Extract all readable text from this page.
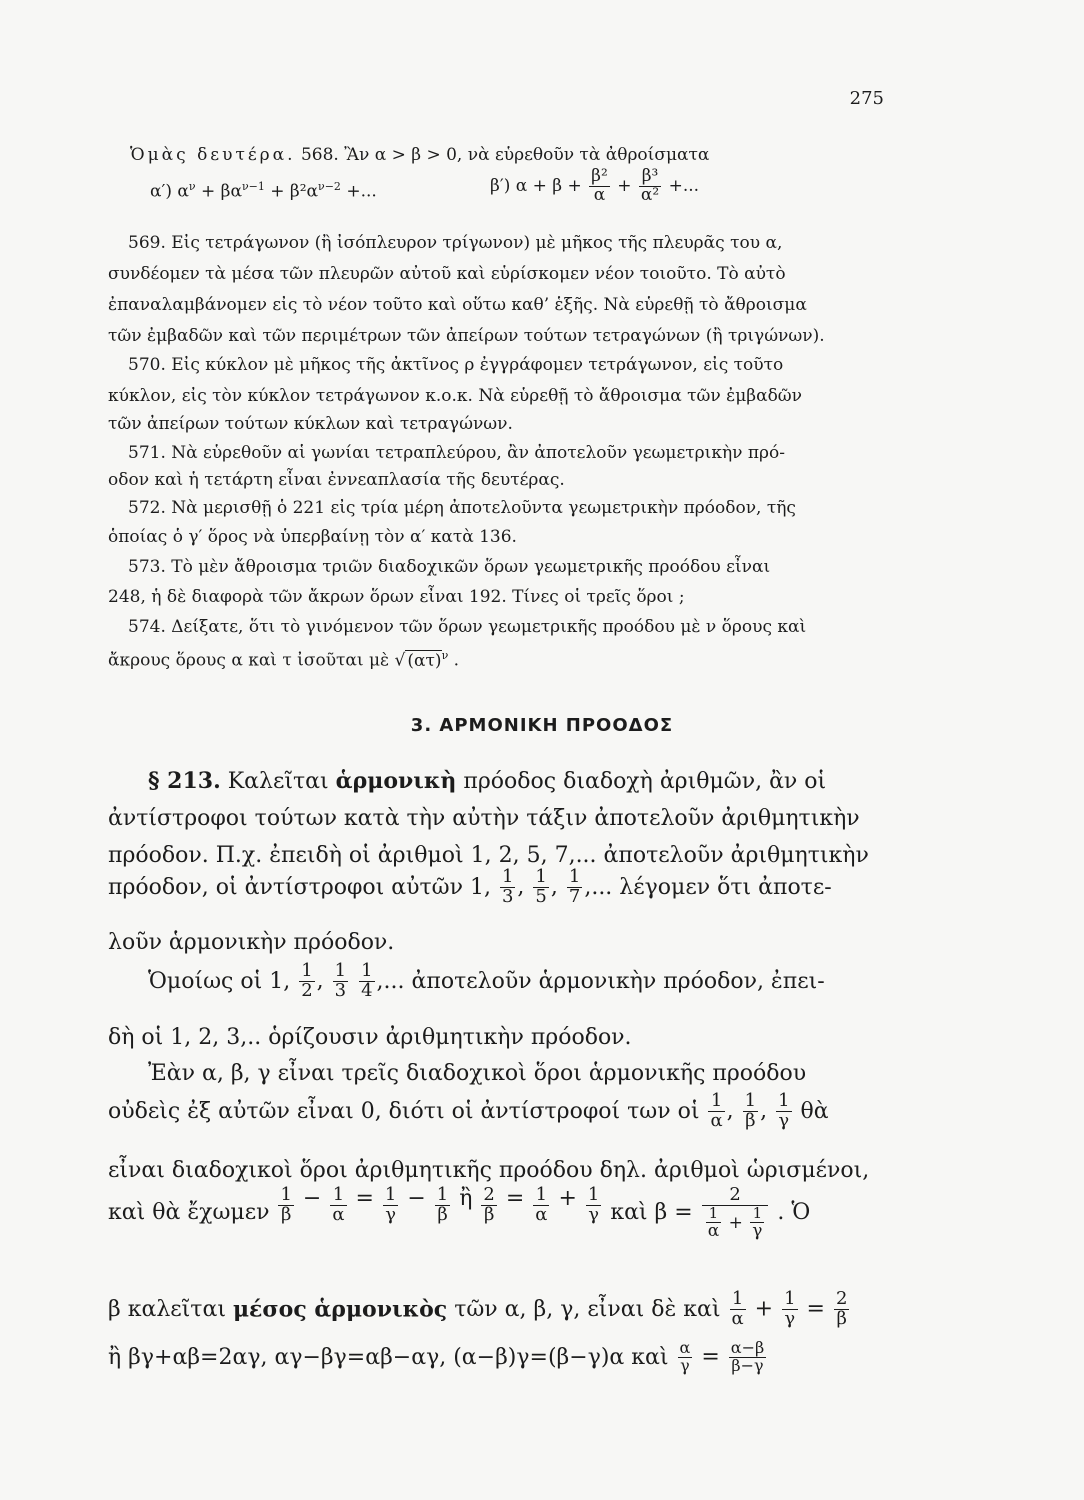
275
Ὁμὰς δευτέρα. 568. Ἂν α > β > 0, νὰ εὑρεθοῦν τὰ ἀθροίσματα
α′) $\alpha^\nu + \beta\alpha^{\nu-1} + \beta^2\alpha^{\nu-2}$ +...	β′) $\alpha + \beta + \frac{\text{β²}}{\alpha} + \frac{\text{β³}}{\text{α²}}$ +...
569. Εἰς τετράγωνον (ἢ ἰσόπλευρον τρίγωνον) μὲ μῆκος τῆς πλευρᾶς του α,
συνδέομεν τὰ μέσα τῶν πλευρῶν αὐτοῦ καὶ εὑρίσκομεν νέον τοιοῦτο. Τὸ αὐτὸ
ἐπαναλαμβάνομεν εἰς τὸ νέον τοῦτο καὶ οὕτω καθ’ ἑξῆς. Νὰ εὑρεθῇ τὸ ἄθροισμα
τῶν ἐμβαδῶν καὶ τῶν περιμέτρων τῶν ἀπείρων τούτων τετραγώνων (ἢ τριγώνων).
570. Εἰς κύκλον μὲ μῆκος τῆς ἀκτῖνος ρ ἐγγράφομεν τετράγωνον, εἰς τοῦτο
κύκλον, εἰς τὸν κύκλον τετράγωνον κ.ο.κ. Νὰ εὑρεθῇ τὸ ἄθροισμα τῶν ἐμβαδῶν
τῶν ἀπείρων τούτων κύκλων καὶ τετραγώνων.
571. Νὰ εὑρεθοῦν αἱ γωνίαι τετραπλεύρου, ἂν ἀποτελοῦν γεωμετρικὴν πρό-
οδον καὶ ἡ τετάρτη εἶναι ἐννεαπλασία τῆς δευτέρας.
572. Νὰ μερισθῇ ὁ 221 εἰς τρία μέρη ἀποτελοῦντα γεωμετρικὴν πρόοδον, τῆς
ὁποίας ὁ γ′ ὅρος νὰ ὑπερβαίνῃ τὸν α′ κατὰ 136.
573. Τὸ μὲν ἄθροισμα τριῶν διαδοχικῶν ὅρων γεωμετρικῆς προόδου εἶναι
248, ἡ δὲ διαφορὰ τῶν ἄκρων ὅρων εἶναι 192. Τίνες οἱ τρεῖς ὅροι ;
574. Δείξατε, ὅτι τὸ γινόμενον τῶν ὅρων γεωμετρικῆς προόδου μὲ ν ὅρους καὶ
ἄκρους ὅρους α καὶ τ ἰσοῦται μὲ √ $(\alpha\tau)^\nu$ .
3. ΑΡΜΟΝΙΚΗ ΠΡΟΟΔΟΣ
§ 213. Καλεῖται ἁρμονικὴ πρόοδος διαδοχὴ ἀριθμῶν, ἂν οἱ
ἀντίστροφοι τούτων κατὰ τὴν αὐτὴν τάξιν ἀποτελοῦν ἀριθμητικὴν
πρόοδον. Π.χ. ἐπειδὴ οἱ ἀριθμοὶ 1, 2, 5, 7,... ἀποτελοῦν ἀριθμητικὴν
πρόοδον, οἱ ἀντίστροφοι αὐτῶν 1, $\frac{1}{3}$ , $\frac{1}{5}$ , $\frac{1}{7}$ ,... λέγομεν ὅτι ἀποτε-
λοῦν ἁρμονικὴν πρόοδον.
Ὁμοίως οἱ 1, $\frac{1}{2}$ , $\frac{1}{3}$
$\frac{1}{4}$ ,... ἀποτελοῦν ἁρμονικὴν πρόοδον, ἐπει-
δὴ οἱ 1, 2, 3,.. ὁρίζουσιν ἀριθμητικὴν πρόοδον.
Ἐὰν α, β, γ εἶναι τρεῖς διαδοχικοὶ ὅροι ἁρμονικῆς προόδου
οὐδεὶς ἐξ αὐτῶν εἶναι 0, διότι οἱ ἀντίστροφοί των οἱ $\frac{1}{\alpha}$ , $\frac{1}{\beta}$ , $\frac{1}{\gamma}$ θὰ
εἶναι διαδοχικοὶ ὅροι ἀριθμητικῆς προόδου δηλ. ἀριθμοὶ ὡρισμένοι,
καὶ θὰ ἔχωμεν $\frac{1}{\beta} - \frac{1}{\alpha} = \frac{1}{\gamma} - \frac{1}{\beta}$ ἢ $\frac{2}{\beta} = \frac{1}{\alpha} + \frac{1}{\gamma}$ καὶ $\beta = \frac{2}{\frac{1}{\alpha} + \frac{1}{\gamma}}$ . Ὁ
β καλεῖται μέσος ἁρμονικὸς τῶν α, β, γ, εἶναι δὲ καὶ $\frac{1}{\alpha} + \frac{1}{\gamma} = \frac{2}{\beta}$
ἢ βγ+αβ=2αγ, αγ−βγ=αβ−αγ, (α−β)γ=(β−γ)α καὶ $\frac{\alpha}{\gamma} = \frac{\alpha-\beta}{\beta-\gamma}$
